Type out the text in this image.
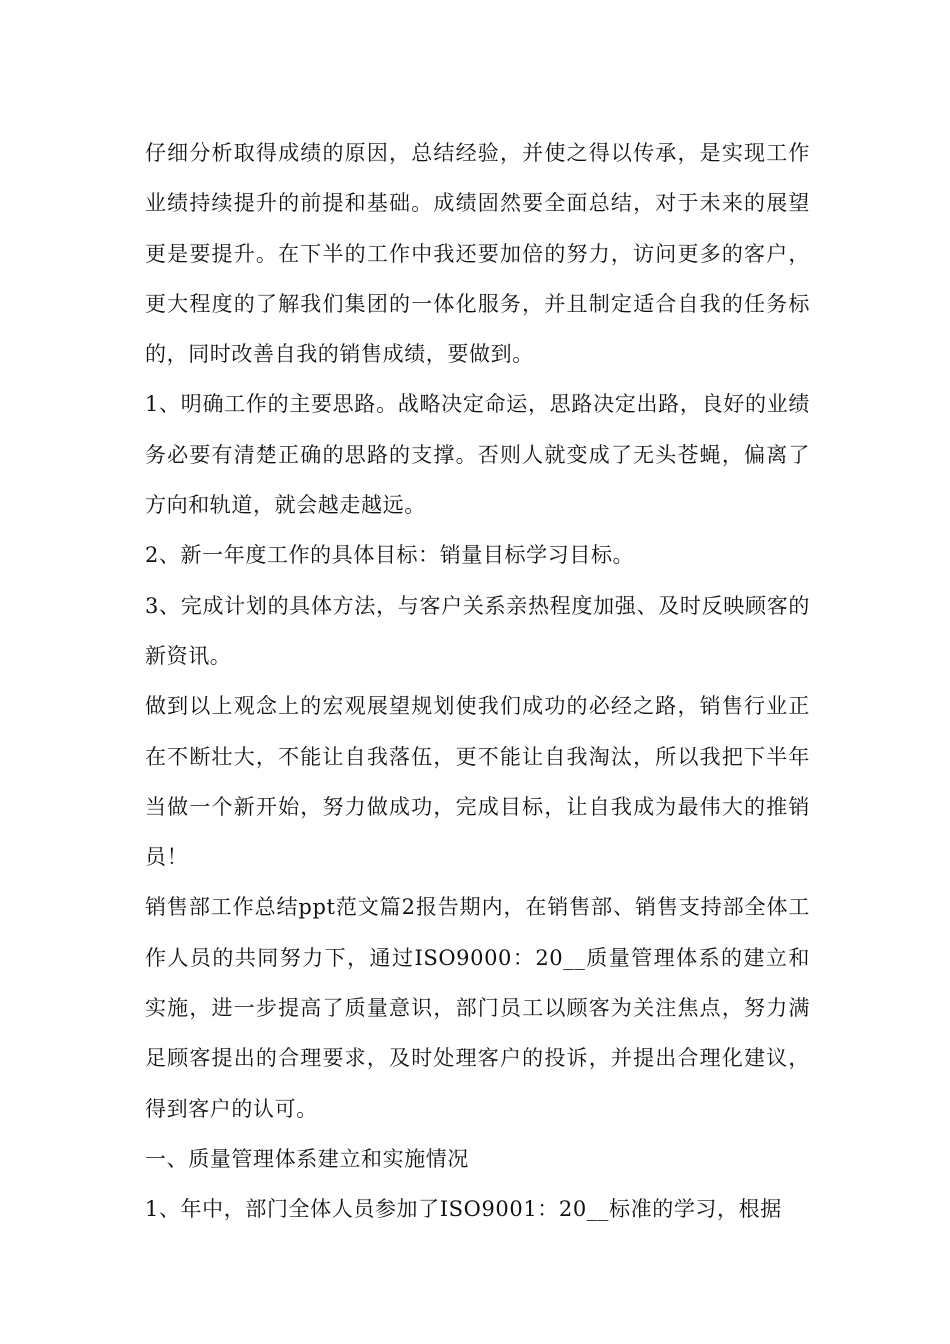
仔细分析取得成绩的原因，总结经验，并使之得以传承，是实现工作业绩持续提升的前提和基础。成绩固然要全面总结，对于未来的展望更是要提升。在下半的工作中我还要加倍的努力，访问更多的客户，更大程度的了解我们集团的一体化服务，并且制定适合自我的任务标的，同时改善自我的销售成绩，要做到。

1、明确工作的主要思路。战略决定命运，思路决定出路，良好的业绩务必要有清楚正确的思路的支撑。否则人就变成了无头苍蝇，偏离了方向和轨道，就会越走越远。

2、新一年度工作的具体目标：销量目标学习目标。

3、完成计划的具体方法，与客户关系亲热程度加强、及时反映顾客的新资讯。

做到以上观念上的宏观展望规划使我们成功的必经之路，销售行业正在不断壮大，不能让自我落伍，更不能让自我淘汰，所以我把下半年当做一个新开始，努力做成功，完成目标，让自我成为最伟大的推销员！

销售部工作总结ppt范文篇2报告期内，在销售部、销售支持部全体工作人员的共同努力下，通过ISO9000：20__质量管理体系的建立和实施，进一步提高了质量意识，部门员工以顾客为关注焦点，努力满足顾客提出的合理要求，及时处理客户的投诉，并提出合理化建议，得到客户的认可。

一、质量管理体系建立和实施情况

1、年中，部门全体人员参加了ISO9001：20__标准的学习，根据
